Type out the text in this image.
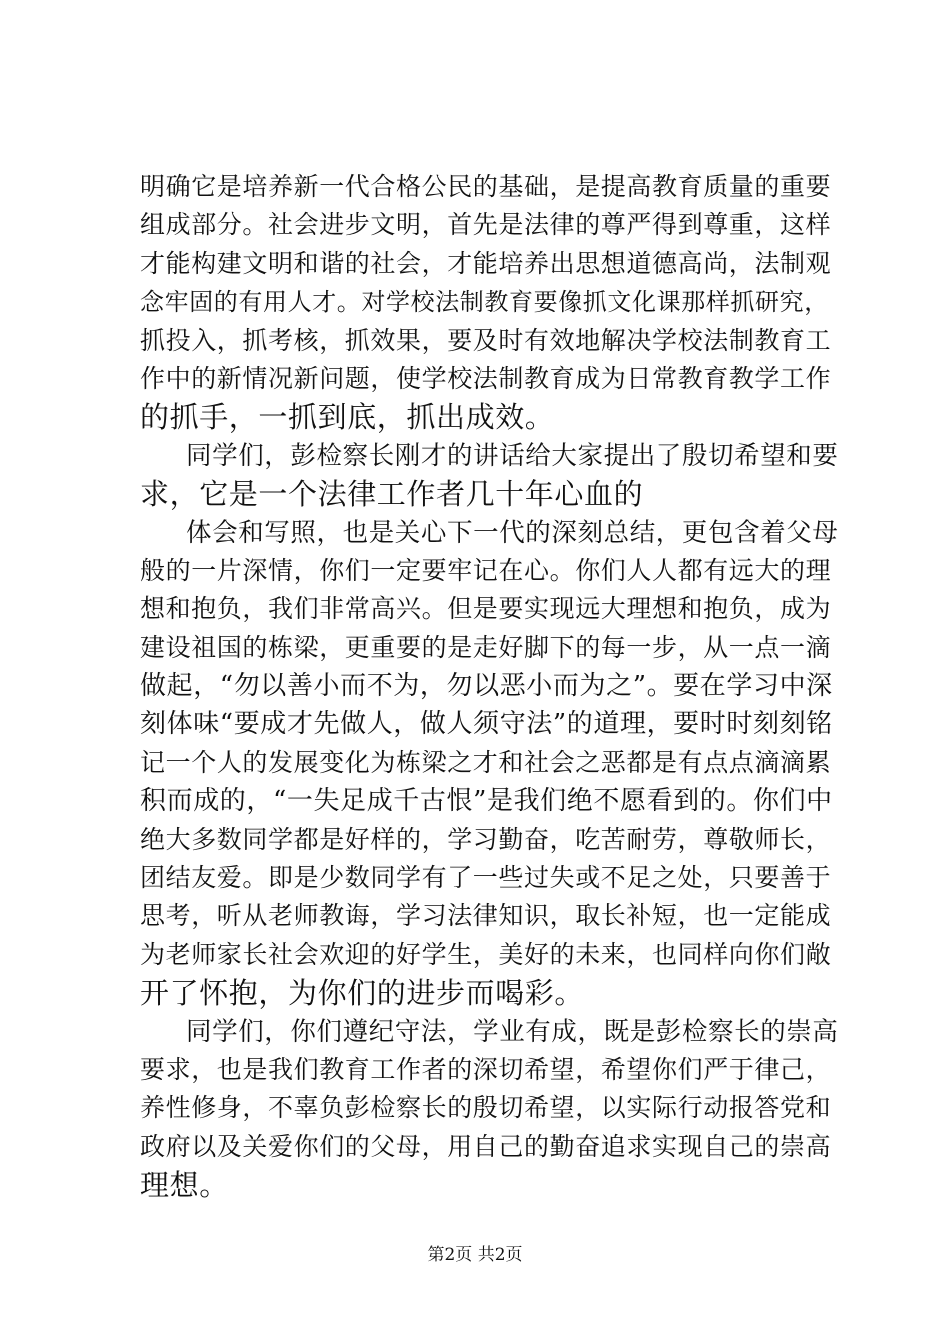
明确它是培养新一代合格公民的基础，是提高教育质量的重要
组成部分。社会进步文明，首先是法律的尊严得到尊重，这样
才能构建文明和谐的社会，才能培养出思想道德高尚，法制观
念牢固的有用人才。对学校法制教育要像抓文化课那样抓研究，
抓投入，抓考核，抓效果，要及时有效地解决学校法制教育工
作中的新情况新问题，使学校法制教育成为日常教育教学工作
的抓手，一抓到底，抓出成效。
同学们，彭检察长刚才的讲话给大家提出了殷切希望和要
求，它是一个法律工作者几十年心血的
体会和写照，也是关心下一代的深刻总结，更包含着父母
般的一片深情，你们一定要牢记在心。你们人人都有远大的理
想和抱负，我们非常高兴。但是要实现远大理想和抱负，成为
建设祖国的栋梁，更重要的是走好脚下的每一步，从一点一滴
做起，“勿以善小而不为，勿以恶小而为之”。要在学习中深
刻体味“要成才先做人，做人须守法”的道理，要时时刻刻铭
记一个人的发展变化为栋梁之才和社会之恶都是有点点滴滴累
积而成的，“一失足成千古恨”是我们绝不愿看到的。你们中
绝大多数同学都是好样的，学习勤奋，吃苦耐劳，尊敬师长，
团结友爱。即是少数同学有了一些过失或不足之处，只要善于
思考，听从老师教诲，学习法律知识，取长补短，也一定能成
为老师家长社会欢迎的好学生，美好的未来，也同样向你们敞
开了怀抱，为你们的进步而喝彩。
同学们，你们遵纪守法，学业有成，既是彭检察长的崇高
要求，也是我们教育工作者的深切希望，希望你们严于律己，
养性修身，不辜负彭检察长的殷切希望，以实际行动报答党和
政府以及关爱你们的父母，用自己的勤奋追求实现自己的崇高
理想。
第2页 共2页
